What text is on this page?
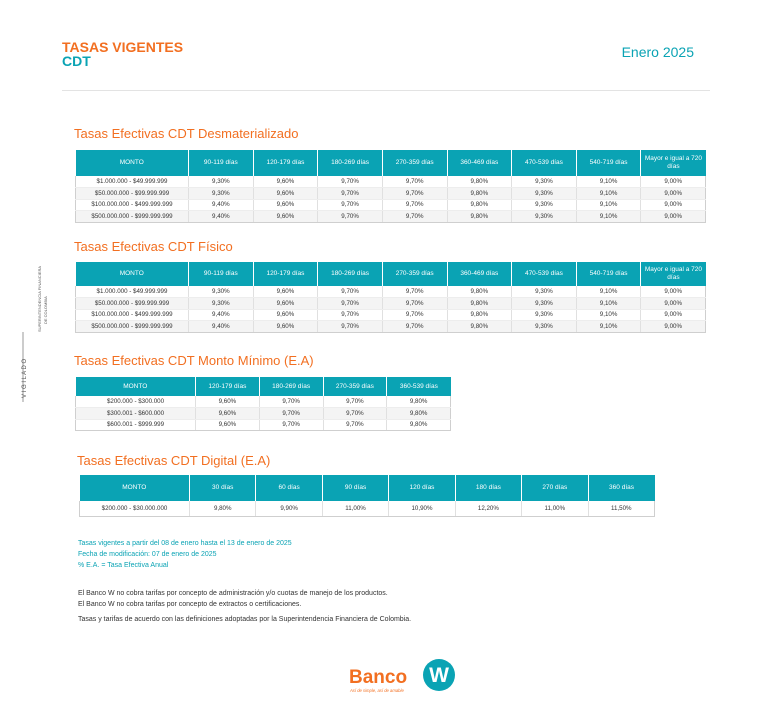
TASAS VIGENTES
CDT
Enero 2025
V I G I L A D O
SUPERINTENDENCIA FINANCIERA DE COLOMBIA
Tasas Efectivas CDT Desmaterializado
MONTO	90-119 días	120-179 días	180-269 días	270-359 días	360-469 días	470-539 días	540-719 días	Mayor e igual a 720 días
$1.000.000 - $49.999.999	9,30%	9,60%	9,70%	9,70%	9,80%	9,30%	9,10%	9,00%
$50.000.000 - $99.999.999	9,30%	9,60%	9,70%	9,70%	9,80%	9,30%	9,10%	9,00%
$100.000.000 - $499.999.999	9,40%	9,60%	9,70%	9,70%	9,80%	9,30%	9,10%	9,00%
$500.000.000 - $999.999.999	9,40%	9,60%	9,70%	9,70%	9,80%	9,30%	9,10%	9,00%
Tasas Efectivas CDT Físico
MONTO	90-119 días	120-179 días	180-269 días	270-359 días	360-469 días	470-539 días	540-719 días	Mayor e igual a 720 días
$1.000.000 - $49.999.999	9,30%	9,60%	9,70%	9,70%	9,80%	9,30%	9,10%	9,00%
$50.000.000 - $99.999.999	9,30%	9,60%	9,70%	9,70%	9,80%	9,30%	9,10%	9,00%
$100.000.000 - $499.999.999	9,40%	9,60%	9,70%	9,70%	9,80%	9,30%	9,10%	9,00%
$500.000.000 - $999.999.999	9,40%	9,60%	9,70%	9,70%	9,80%	9,30%	9,10%	9,00%
Tasas Efectivas CDT Monto Mínimo (E.A)
MONTO	120-179 días	180-269 días	270-359 días	360-539 días
$200.000 - $300.000	9,60%	9,70%	9,70%	9,80%
$300.001 - $600.000	9,60%	9,70%	9,70%	9,80%
$600.001 - $999.999	9,60%	9,70%	9,70%	9,80%
Tasas Efectivas CDT Digital (E.A)
MONTO	30 días	60 días	90 días	120 días	180 días	270 días	360 días
$200.000 - $30.000.000	9,80%	9,90%	11,00%	10,90%	12,20%	11,00%	11,50%
Tasas vigentes a partir del 08 de enero hasta el 13 de enero de 2025
Fecha de modificación: 07 de enero de 2025
% E.A. = Tasa Efectiva Anual
El Banco W no cobra tarifas por concepto de administración y/o cuotas de manejo de los productos.
El Banco W no cobra tarifas por concepto de extractos o certificaciones.
Tasas y tarifas de acuerdo con las definiciones adoptadas por la Superintendencia Financiera de Colombia.
Banco W
Así de simple, así de amable
